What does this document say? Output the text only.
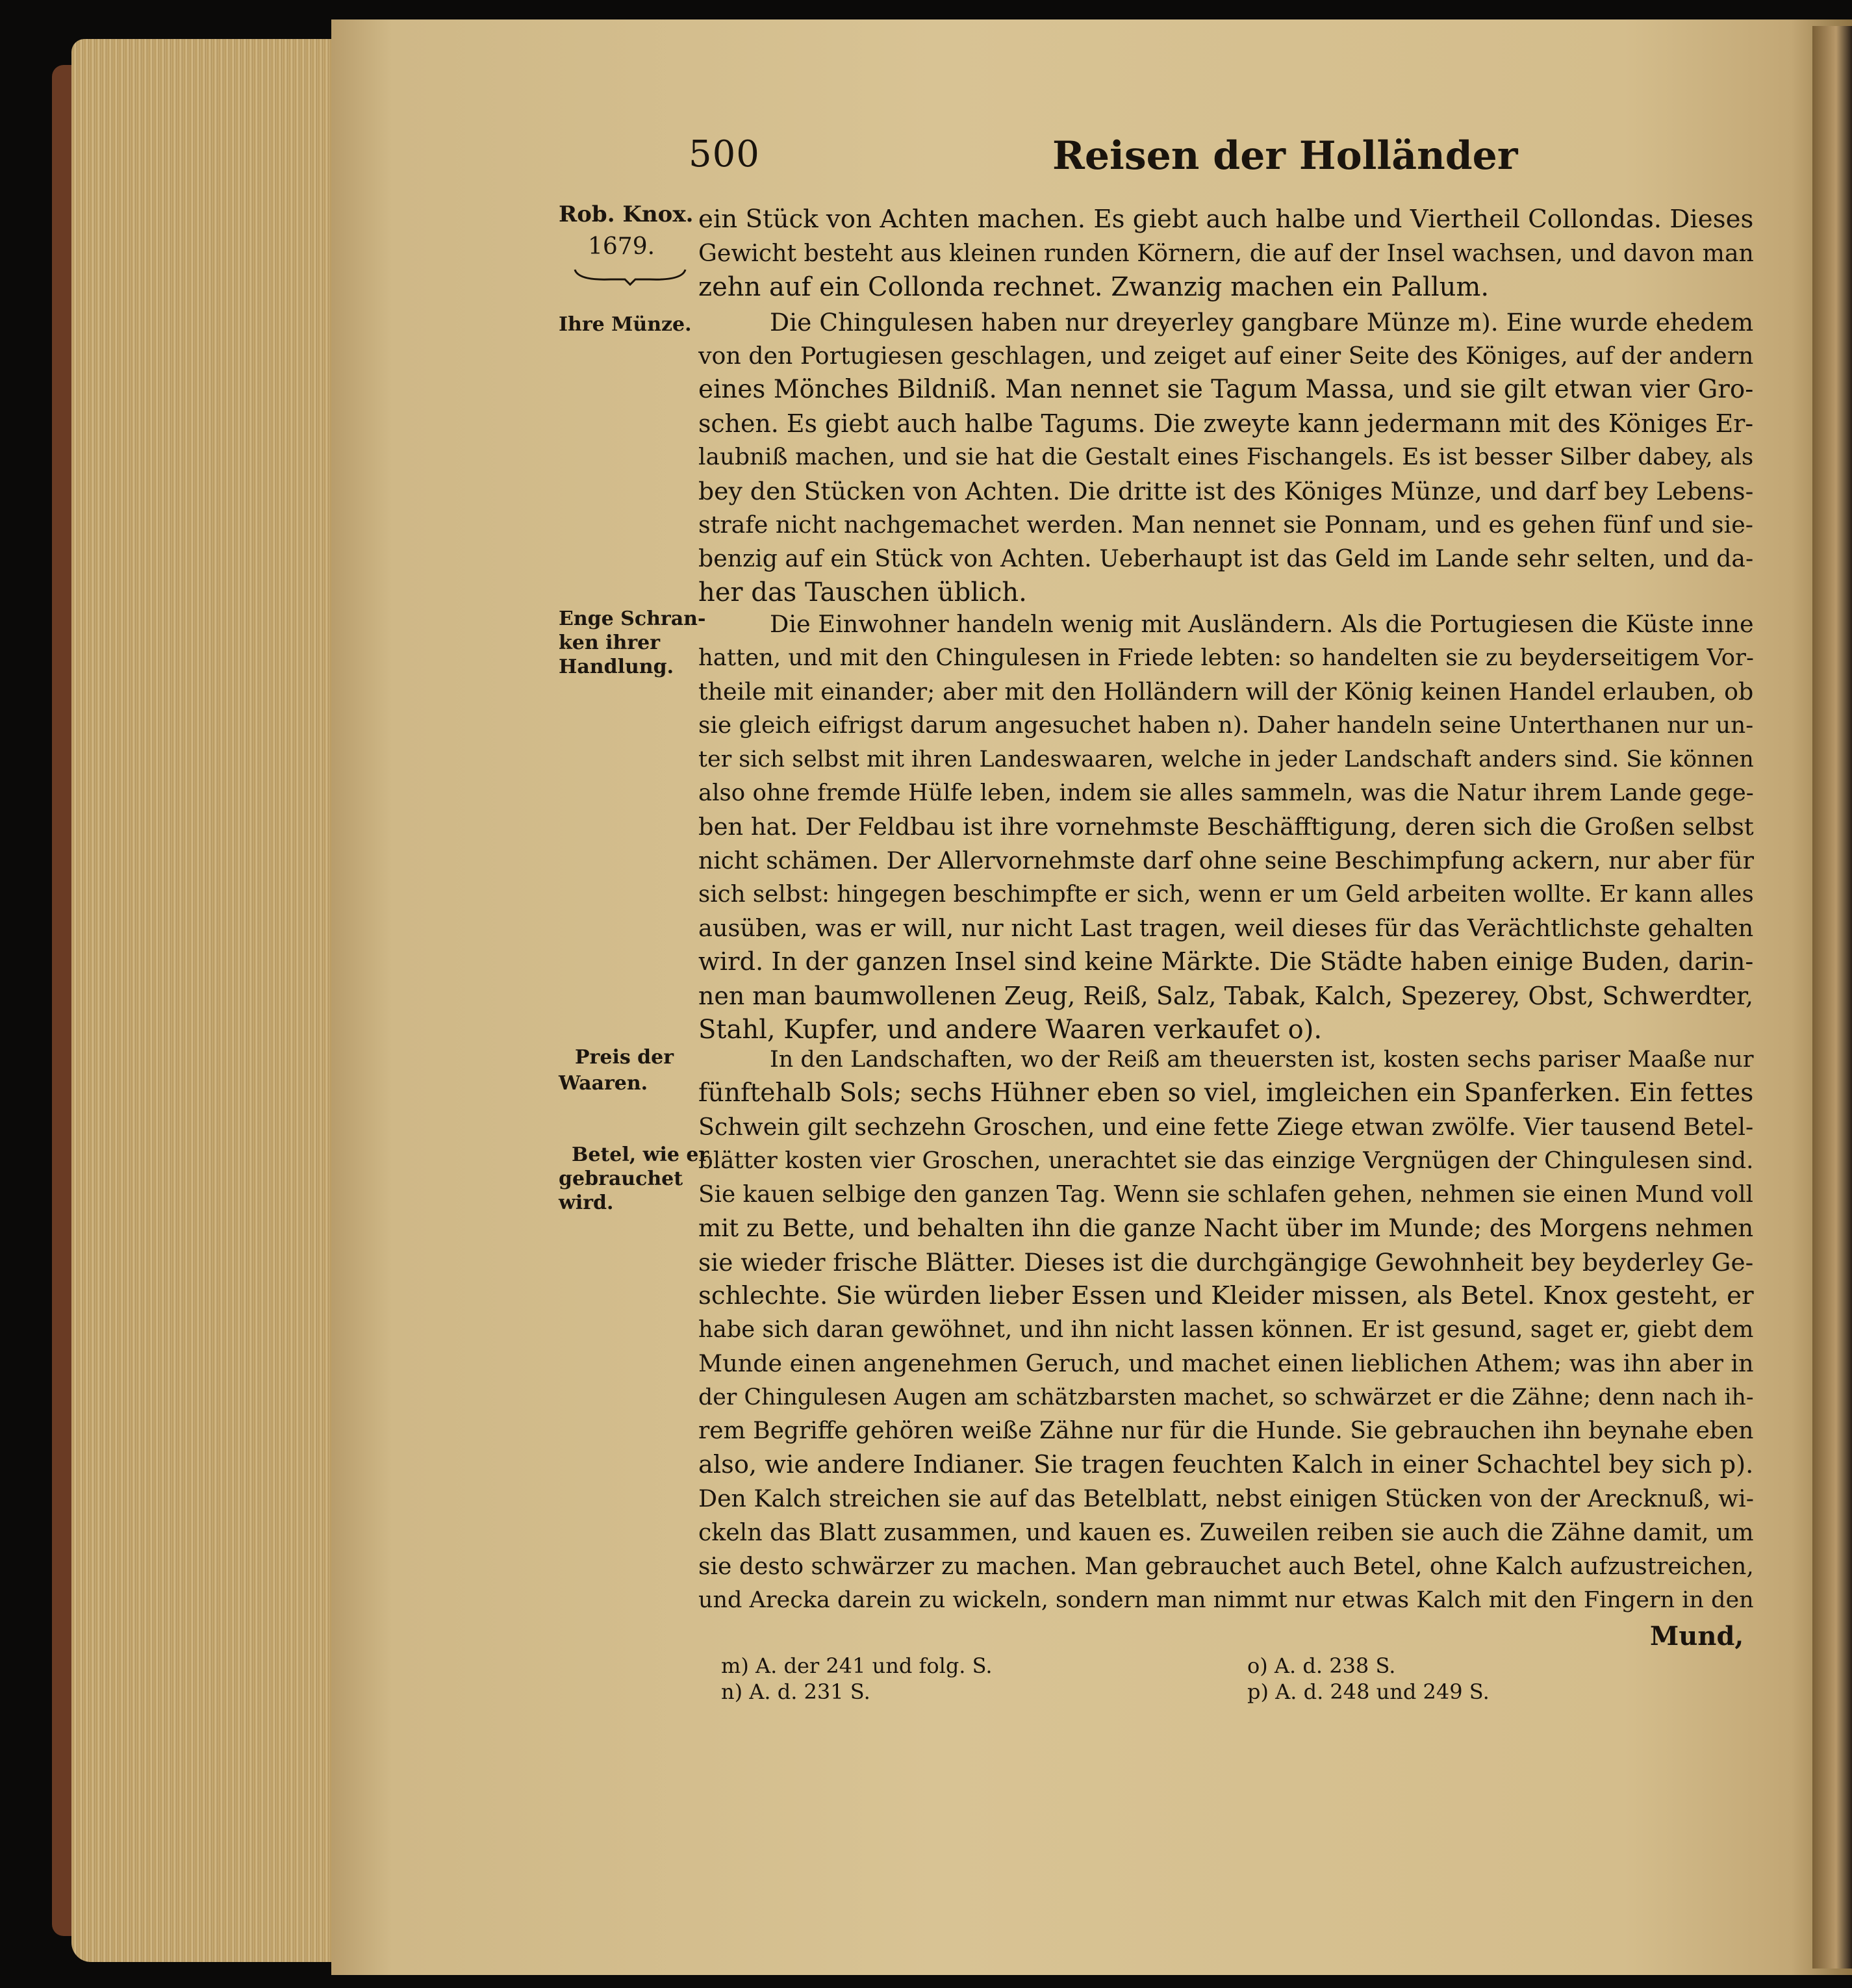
500	Reisen der Holländer
Rob. Knox.
1679.
Ihre Münze.
Enge Schran-
ken ihrer
Handlung.
Preis der
Waaren.
Betel, wie er
gebrauchet
wird.
ein Stück von Achten machen. Es giebt auch halbe und Viertheil Collondas. Dieses
Gewicht besteht aus kleinen runden Körnern, die auf der Insel wachsen, und davon man
zehn auf ein Collonda rechnet. Zwanzig machen ein Pallum.
Die Chingulesen haben nur dreyerley gangbare Münze m). Eine wurde ehedem
von den Portugiesen geschlagen, und zeiget auf einer Seite des Königes, auf der andern
eines Mönches Bildniß. Man nennet sie Tagum Massa, und sie gilt etwan vier Gro-
schen. Es giebt auch halbe Tagums. Die zweyte kann jedermann mit des Königes Er-
laubniß machen, und sie hat die Gestalt eines Fischangels. Es ist besser Silber dabey, als
bey den Stücken von Achten. Die dritte ist des Königes Münze, und darf bey Lebens-
strafe nicht nachgemachet werden. Man nennet sie Ponnam, und es gehen fünf und sie-
benzig auf ein Stück von Achten. Ueberhaupt ist das Geld im Lande sehr selten, und da-
her das Tauschen üblich.
Die Einwohner handeln wenig mit Ausländern. Als die Portugiesen die Küste inne
hatten, und mit den Chingulesen in Friede lebten: so handelten sie zu beyderseitigem Vor-
theile mit einander; aber mit den Holländern will der König keinen Handel erlauben, ob
sie gleich eifrigst darum angesuchet haben n). Daher handeln seine Unterthanen nur un-
ter sich selbst mit ihren Landeswaaren, welche in jeder Landschaft anders sind. Sie können
also ohne fremde Hülfe leben, indem sie alles sammeln, was die Natur ihrem Lande gege-
ben hat. Der Feldbau ist ihre vornehmste Beschäfftigung, deren sich die Großen selbst
nicht schämen. Der Allervornehmste darf ohne seine Beschimpfung ackern, nur aber für
sich selbst: hingegen beschimpfte er sich, wenn er um Geld arbeiten wollte. Er kann alles
ausüben, was er will, nur nicht Last tragen, weil dieses für das Verächtlichste gehalten
wird. In der ganzen Insel sind keine Märkte. Die Städte haben einige Buden, darin-
nen man baumwollenen Zeug, Reiß, Salz, Tabak, Kalch, Spezerey, Obst, Schwerdter,
Stahl, Kupfer, und andere Waaren verkaufet o).
In den Landschaften, wo der Reiß am theuersten ist, kosten sechs pariser Maaße nur
fünftehalb Sols; sechs Hühner eben so viel, imgleichen ein Spanferken. Ein fettes
Schwein gilt sechzehn Groschen, und eine fette Ziege etwan zwölfe. Vier tausend Betel-
blätter kosten vier Groschen, unerachtet sie das einzige Vergnügen der Chingulesen sind.
Sie kauen selbige den ganzen Tag. Wenn sie schlafen gehen, nehmen sie einen Mund voll
mit zu Bette, und behalten ihn die ganze Nacht über im Munde; des Morgens nehmen
sie wieder frische Blätter. Dieses ist die durchgängige Gewohnheit bey beyderley Ge-
schlechte. Sie würden lieber Essen und Kleider missen, als Betel. Knox gesteht, er
habe sich daran gewöhnet, und ihn nicht lassen können. Er ist gesund, saget er, giebt dem
Munde einen angenehmen Geruch, und machet einen lieblichen Athem; was ihn aber in
der Chingulesen Augen am schätzbarsten machet, so schwärzet er die Zähne; denn nach ih-
rem Begriffe gehören weiße Zähne nur für die Hunde. Sie gebrauchen ihn beynahe eben
also, wie andere Indianer. Sie tragen feuchten Kalch in einer Schachtel bey sich p).
Den Kalch streichen sie auf das Betelblatt, nebst einigen Stücken von der Arecknuß, wi-
ckeln das Blatt zusammen, und kauen es. Zuweilen reiben sie auch die Zähne damit, um
sie desto schwärzer zu machen. Man gebrauchet auch Betel, ohne Kalch aufzustreichen,
und Arecka darein zu wickeln, sondern man nimmt nur etwas Kalch mit den Fingern in den
Mund,
m) A. der 241 und folg. S.
n) A. d. 231 S.
o) A. d. 238 S.
p) A. d. 248 und 249 S.
